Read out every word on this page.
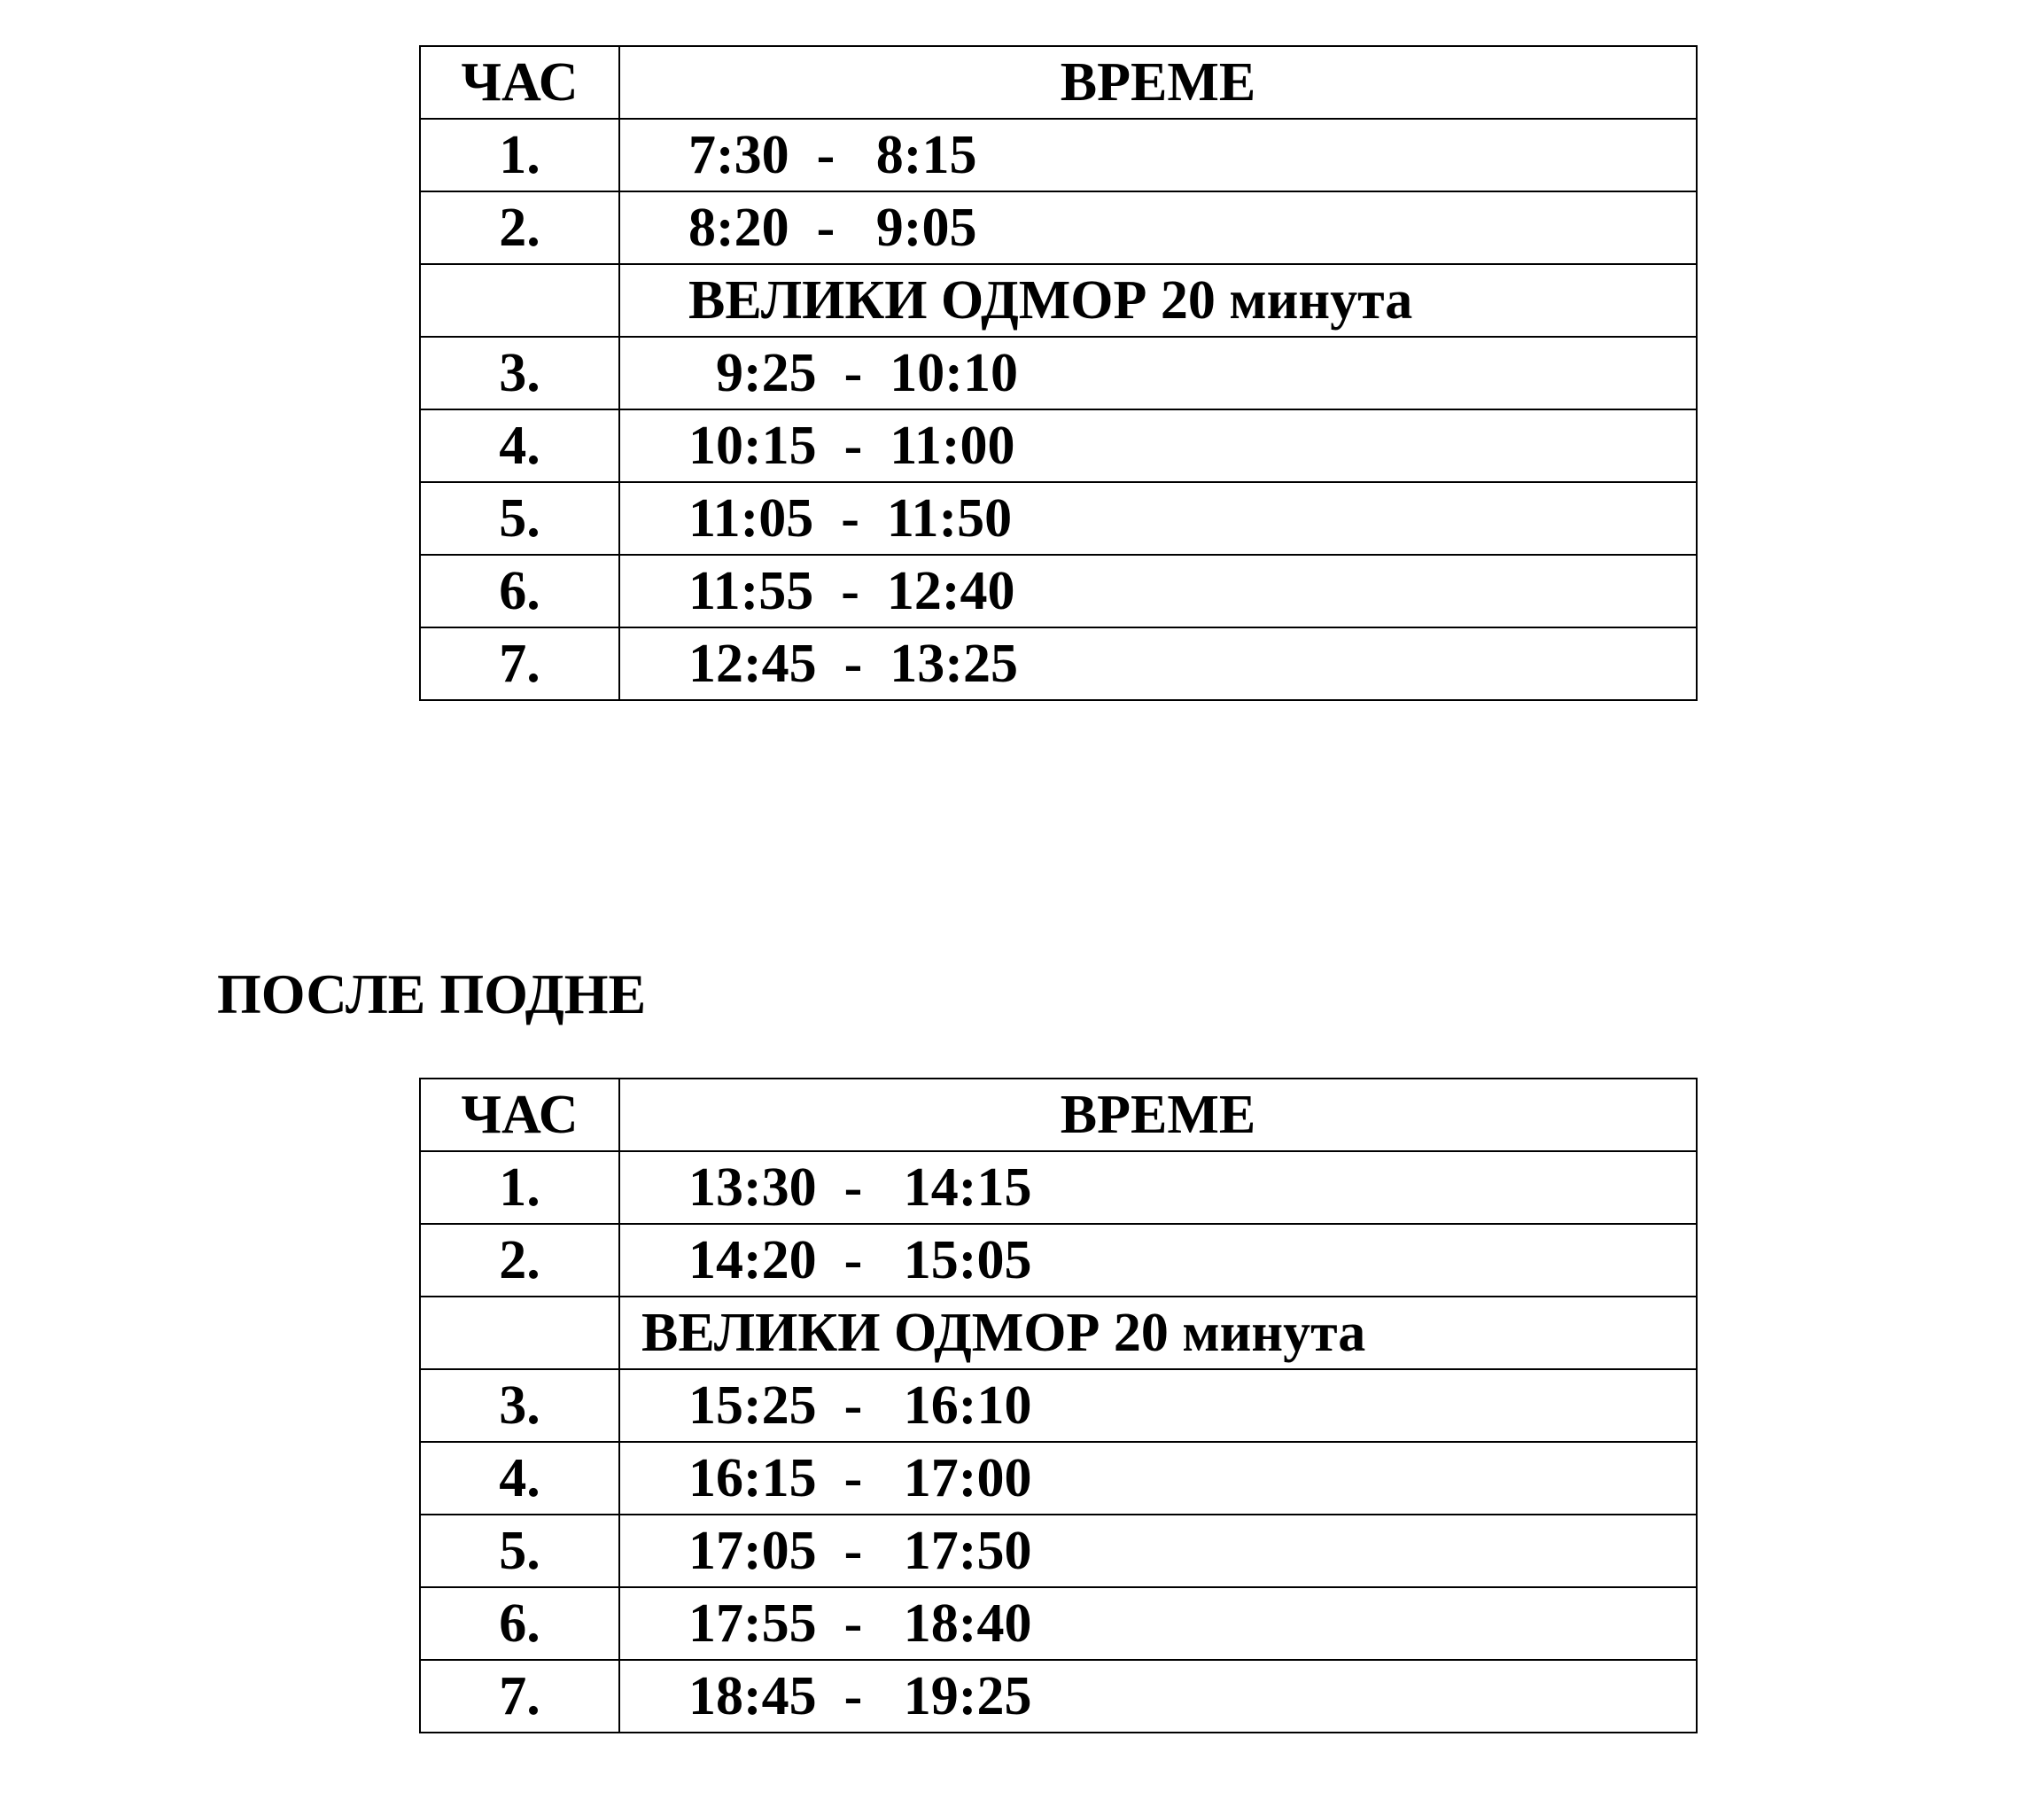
ЧАС	ВРЕМЕ
1.	7:30  -   8:15
2.	8:20  -   9:05
	ВЕЛИКИ ОДМОР 20 минута
3.	9:25  -  10:10
4.	10:15  -  11:00
5.	11:05  -  11:50
6.	11:55  -  12:40
7.	12:45  -  13:25
ПОСЛЕ ПОДНЕ
ЧАС	ВРЕМЕ
1.	13:30  -   14:15
2.	14:20  -   15:05
	ВЕЛИКИ ОДМОР 20 минута
3.	15:25  -   16:10
4.	16:15  -   17:00
5.	17:05  -   17:50
6.	17:55  -   18:40
7.	18:45  -   19:25
